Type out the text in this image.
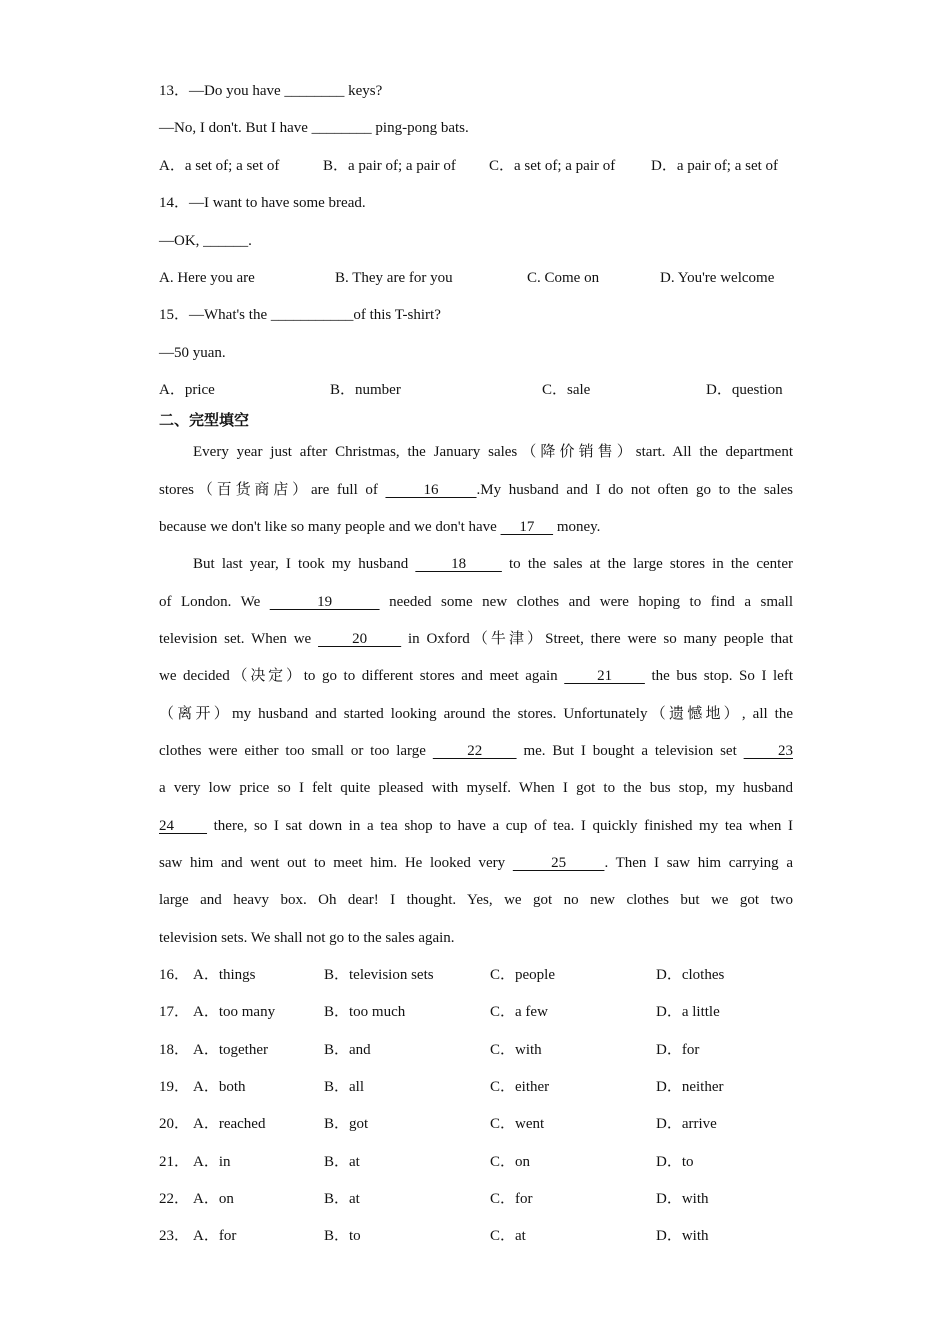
13．—Do you have ________ keys?
—No, I don't. But I have ________ ping-pong bats.
A．a set of; a set of	B．a pair of; a pair of C．a set of; a pair of D．a pair of; a set of
14．—I want to have some bread.
—OK, ______.
A. Here you are	B. They are for you	C. Come on	D. You're welcome
15．—What's the ___________of this T-shirt?
—50 yuan.
A．price	B．number	C．sale	D．question
二、完型填空
Every year just after Christmas, the January sales（降价销售）start. All the department
stores（百货商店）are full of      16     .My husband and I do not often go to the sales
because we don't like so many people and we don't have      17      money.
But last year, I took my husband      18      to the sales at the large stores in the center
of London. We      19      needed some new clothes and were hoping to find a small
television set. When we      20      in Oxford（牛津）Street, there were so many people that
we decided（决定）to go to different stores and meet again      21      the bus stop. So I left
（离开）my husband and started looking around the stores. Unfortunately（遗憾地）, all the
clothes were either too small or too large      22      me. But I bought a television set      23
a very low price so I felt quite pleased with myself. When I got to the bus stop, my husband
24      there, so I sat down in a tea shop to have a cup of tea. I quickly finished my tea when I
saw him and went out to meet him. He looked very      25     . Then I saw him carrying a
large and heavy box. Oh dear! I thought. Yes, we got no new clothes but we got two
television sets. We shall not go to the sales again.
16． A．things	B．television sets	C．people	D．clothes
17． A．too many	B．too much	C．a few	D．a little
18． A．together	B．and	C．with	D．for
19． A．both	B．all	C．either	D．neither
20． A．reached	B．got	C．went	D．arrive
21． A．in	B．at	C．on	D．to
22． A．on	B．at	C．for	D．with
23． A．for	B．to	C．at	D．with
